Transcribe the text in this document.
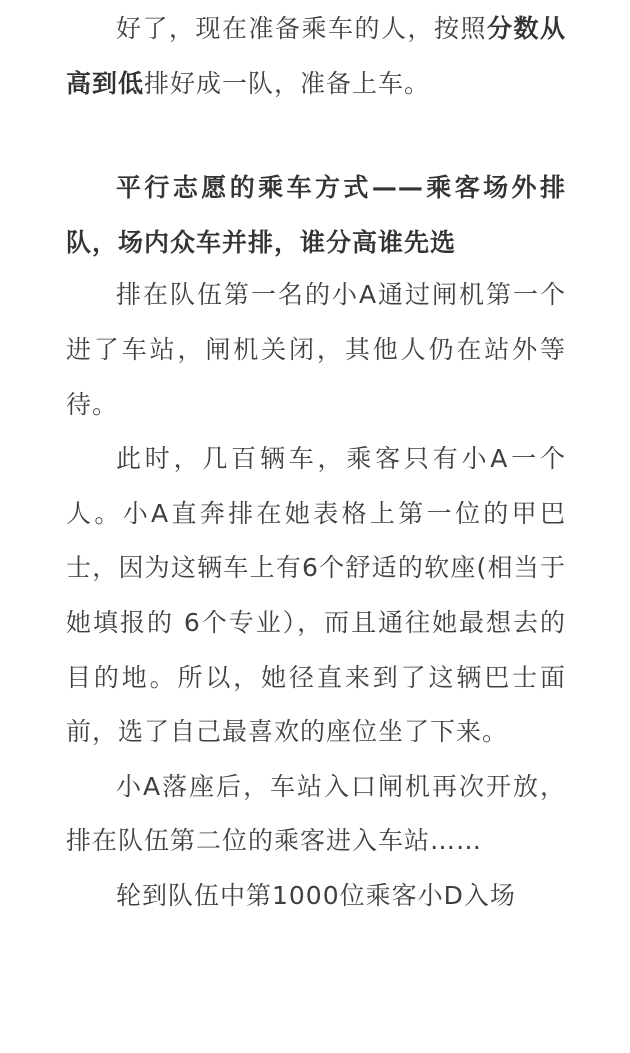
好了，现在准备乘车的人，按照分数从高到低排好成一队，准备上车。

平行志愿的乘车方式——乘客场外排队，场内众车并排，谁分高谁先选

排在队伍第一名的小A通过闸机第一个进了车站，闸机关闭，其他人仍在站外等待。

此时，几百辆车，乘客只有小A一个人。小A直奔排在她表格上第一位的甲巴士，因为这辆车上有6个舒适的软座(相当于她填报的 6个专业），而且通往她最想去的目的地。所以，她径直来到了这辆巴士面前，选了自己最喜欢的座位坐了下来。

小A落座后，车站入口闸机再次开放，排在队伍第二位的乘客进入车站……

轮到队伍中第1000位乘客小D入场
